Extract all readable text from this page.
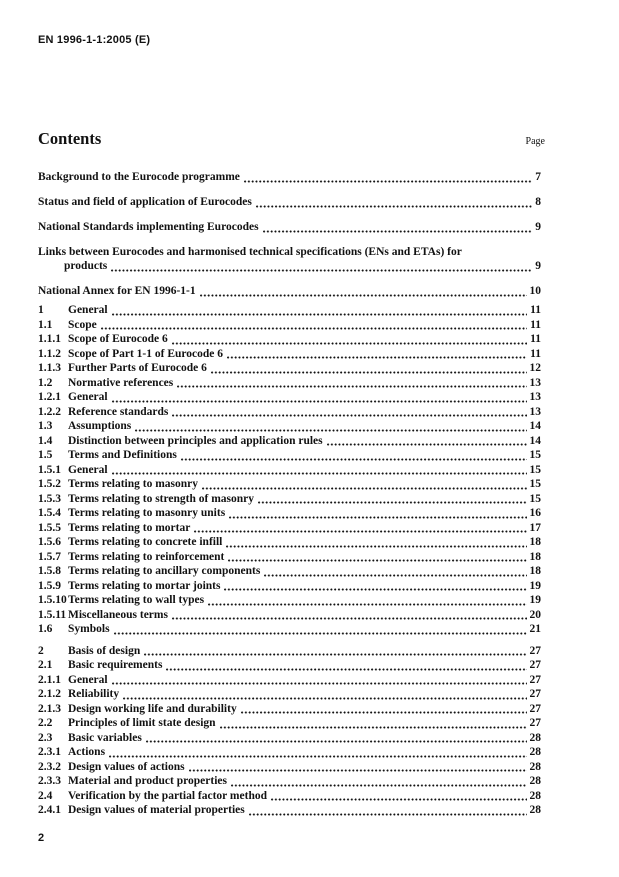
EN 1996-1-1:2005 (E)
Contents	Page
Background to the Eurocode programme	7
Status and field of application of Eurocodes	8
National Standards implementing Eurocodes	9
Links between Eurocodes and harmonised technical specifications (ENs and ETAs) for
products	9
National Annex for EN 1996-1-1	10
1	General	11
1.1	Scope	11
1.1.1 Scope of Eurocode 6	11
1.1.2 Scope of Part 1-1 of Eurocode 6	11
1.1.3 Further Parts of Eurocode 6	12
1.2	Normative references	13
1.2.1 General	13
1.2.2 Reference standards	13
1.3	Assumptions	14
1.4	Distinction between principles and application rules	14
1.5	Terms and Definitions	15
1.5.1 General	15
1.5.2 Terms relating to masonry	15
1.5.3 Terms relating to strength of masonry	15
1.5.4 Terms relating to masonry units	16
1.5.5 Terms relating to mortar	17
1.5.6 Terms relating to concrete infill	18
1.5.7 Terms relating to reinforcement	18
1.5.8 Terms relating to ancillary components	18
1.5.9 Terms relating to mortar joints	19
1.5.10 Terms relating to wall types	19
1.5.11 Miscellaneous terms	20
1.6	Symbols	21
2	Basis of design	27
2.1	Basic requirements	27
2.1.1 General	27
2.1.2 Reliability	27
2.1.3 Design working life and durability	27
2.2	Principles of limit state design	27
2.3	Basic variables	28
2.3.1 Actions	28
2.3.2 Design values of actions	28
2.3.3 Material and product properties	28
2.4	Verification by the partial factor method	28
2.4.1 Design values of material properties	28
2
